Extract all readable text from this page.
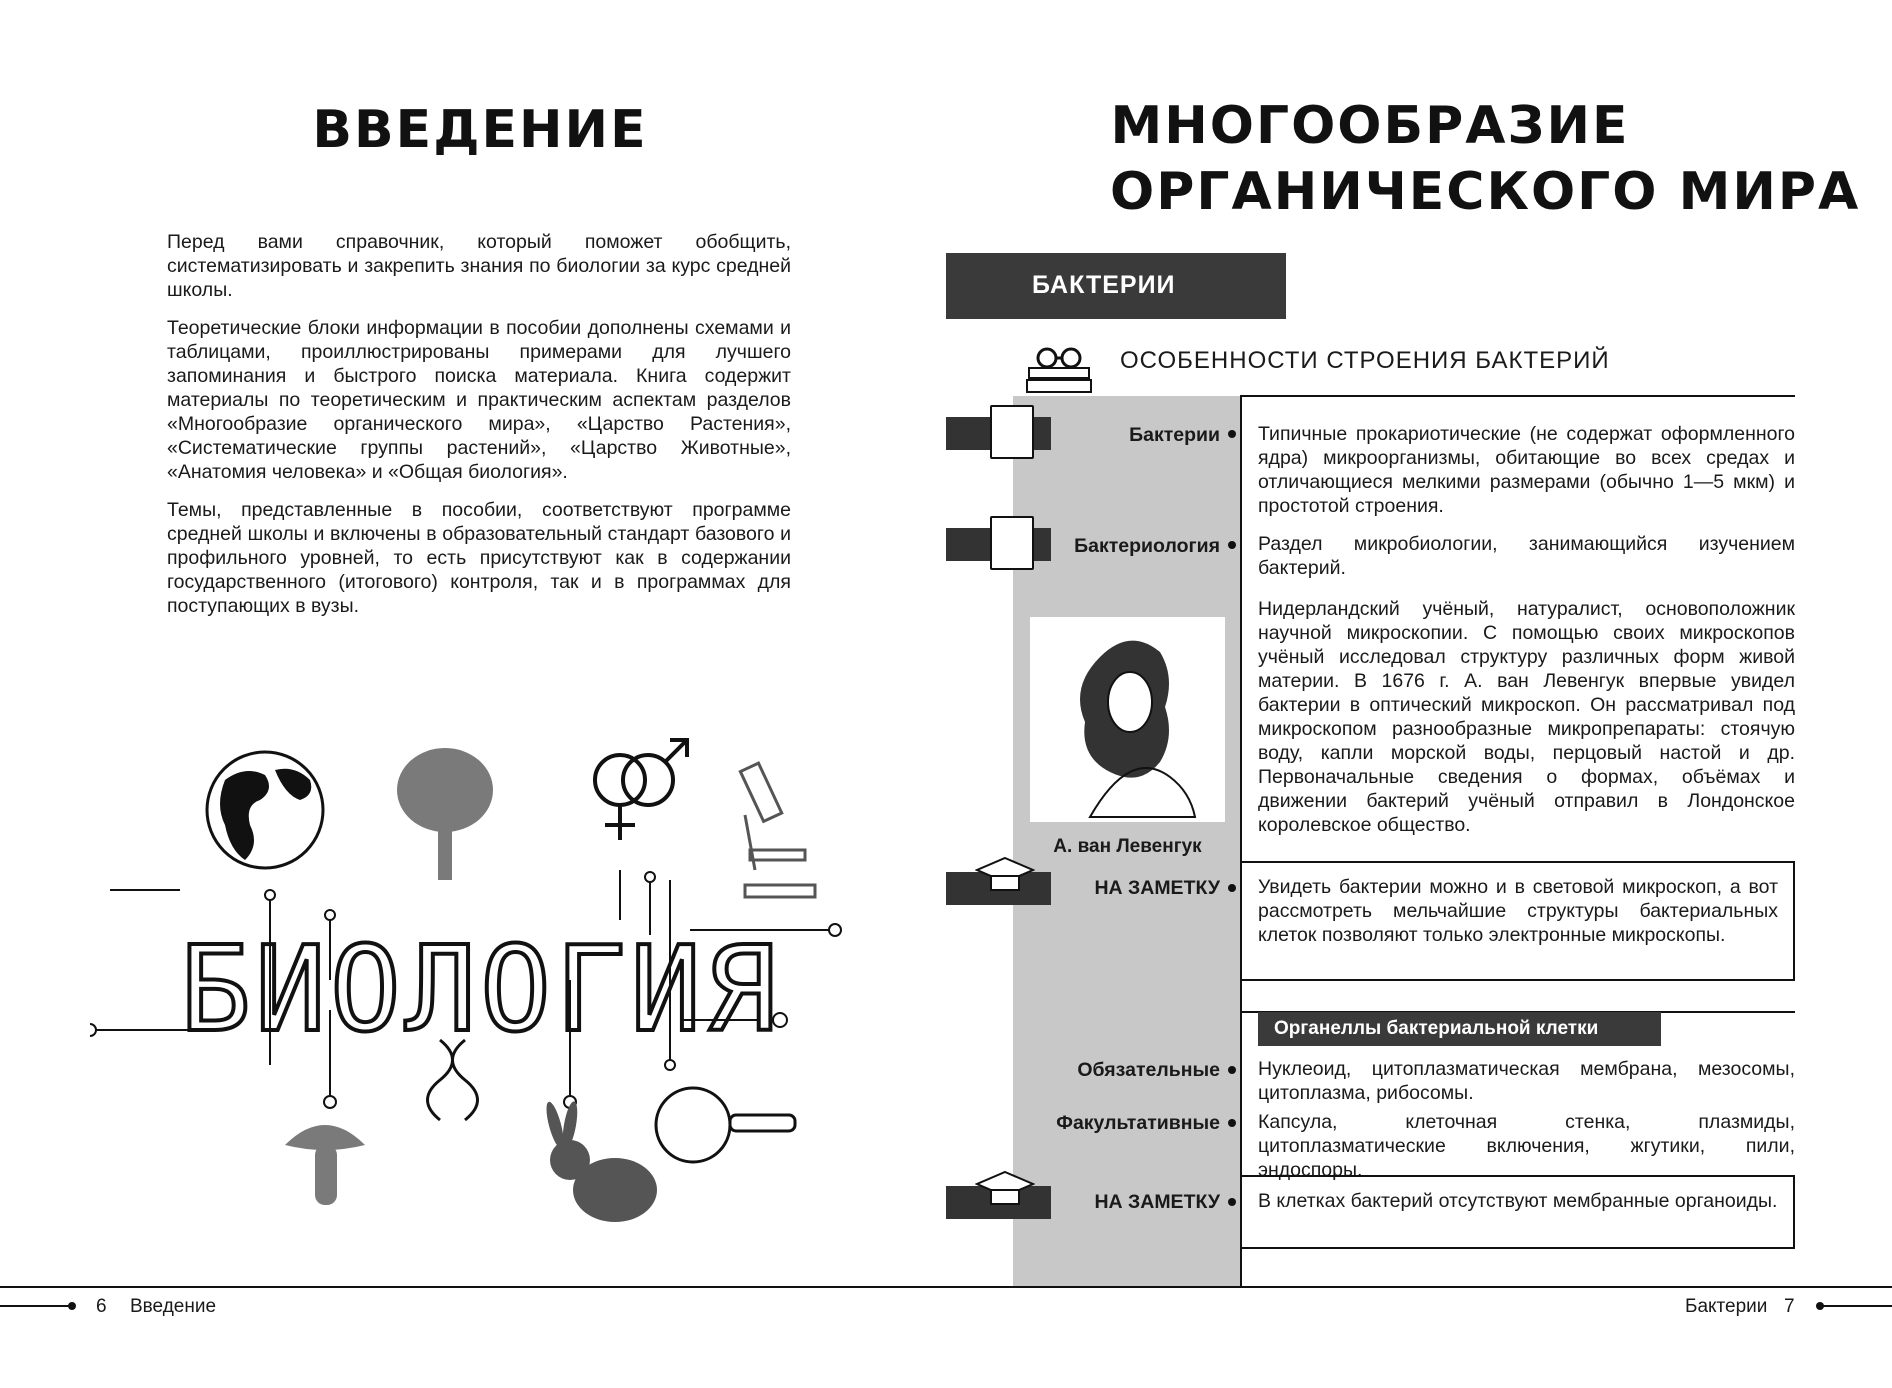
ВВЕДЕНИЕ

Перед вами справочник, который поможет обобщить, систематизировать и закрепить знания по биологии за курс средней школы.

Теоретические блоки информации в пособии дополнены схемами и таблицами, проиллюстрированы примерами для лучшего запоминания и быстрого поиска материала. Книга содержит материалы по теоретическим и практическим аспектам разделов «Многообразие органического мира», «Царство Растения», «Систематические группы растений», «Царство Животные», «Анатомия человека» и «Общая биология».

Темы, представленные в пособии, соответствуют программе средней школы и включены в образовательный стандарт базового и профильного уровней, то есть присутствуют как в содержании государственного (итогового) контроля, так и в программах для поступающих в вузы.

БИОЛОГИЯ
6 Введение
МНОГООБРАЗИЕ
ОРГАНИЧЕСКОГО МИРА
БАКТЕРИИ
ОСОБЕННОСТИ СТРОЕНИЯ БАКТЕРИЙ
Бактерии Типичные прокариотические (не содержат оформленного ядра) микроорганизмы, обитающие во всех средах и отличающиеся мелкими размерами (обычно 1—5 мкм) и простотой строения.
Бактериология Раздел микробиологии, занимающийся изучением бактерий.
А. ван Левенгук
Нидерландский учёный, натуралист, основоположник научной микроскопии. С помощью своих микроскопов учёный исследовал структуру различных форм живой материи. В 1676 г. А. ван Левенгук впервые увидел бактерии в оптический микроскоп. Он рассматривал под микроскопом разнообразные микропрепараты: стоячую воду, капли морской воды, перцовый настой и др. Первоначальные сведения о формах, объёмах и движении бактерий учёный отправил в Лондонское королевское общество.
НА ЗАМЕТКУ Увидеть бактерии можно и в световой микроскоп, а вот рассмотреть мельчайшие структуры бактериальных клеток позволяют только электронные микроскопы.
Органеллы бактериальной клетки
Обязательные Нуклеоид, цитоплазматическая мембрана, мезосомы, цитоплазма, рибосомы.
Факультативные Капсула, клеточная стенка, плазмиды, цитоплазматические включения, жгутики, пили, эндоспоры.
НА ЗАМЕТКУ В клетках бактерий отсутствуют мембранные органоиды.
Бактерии 7
